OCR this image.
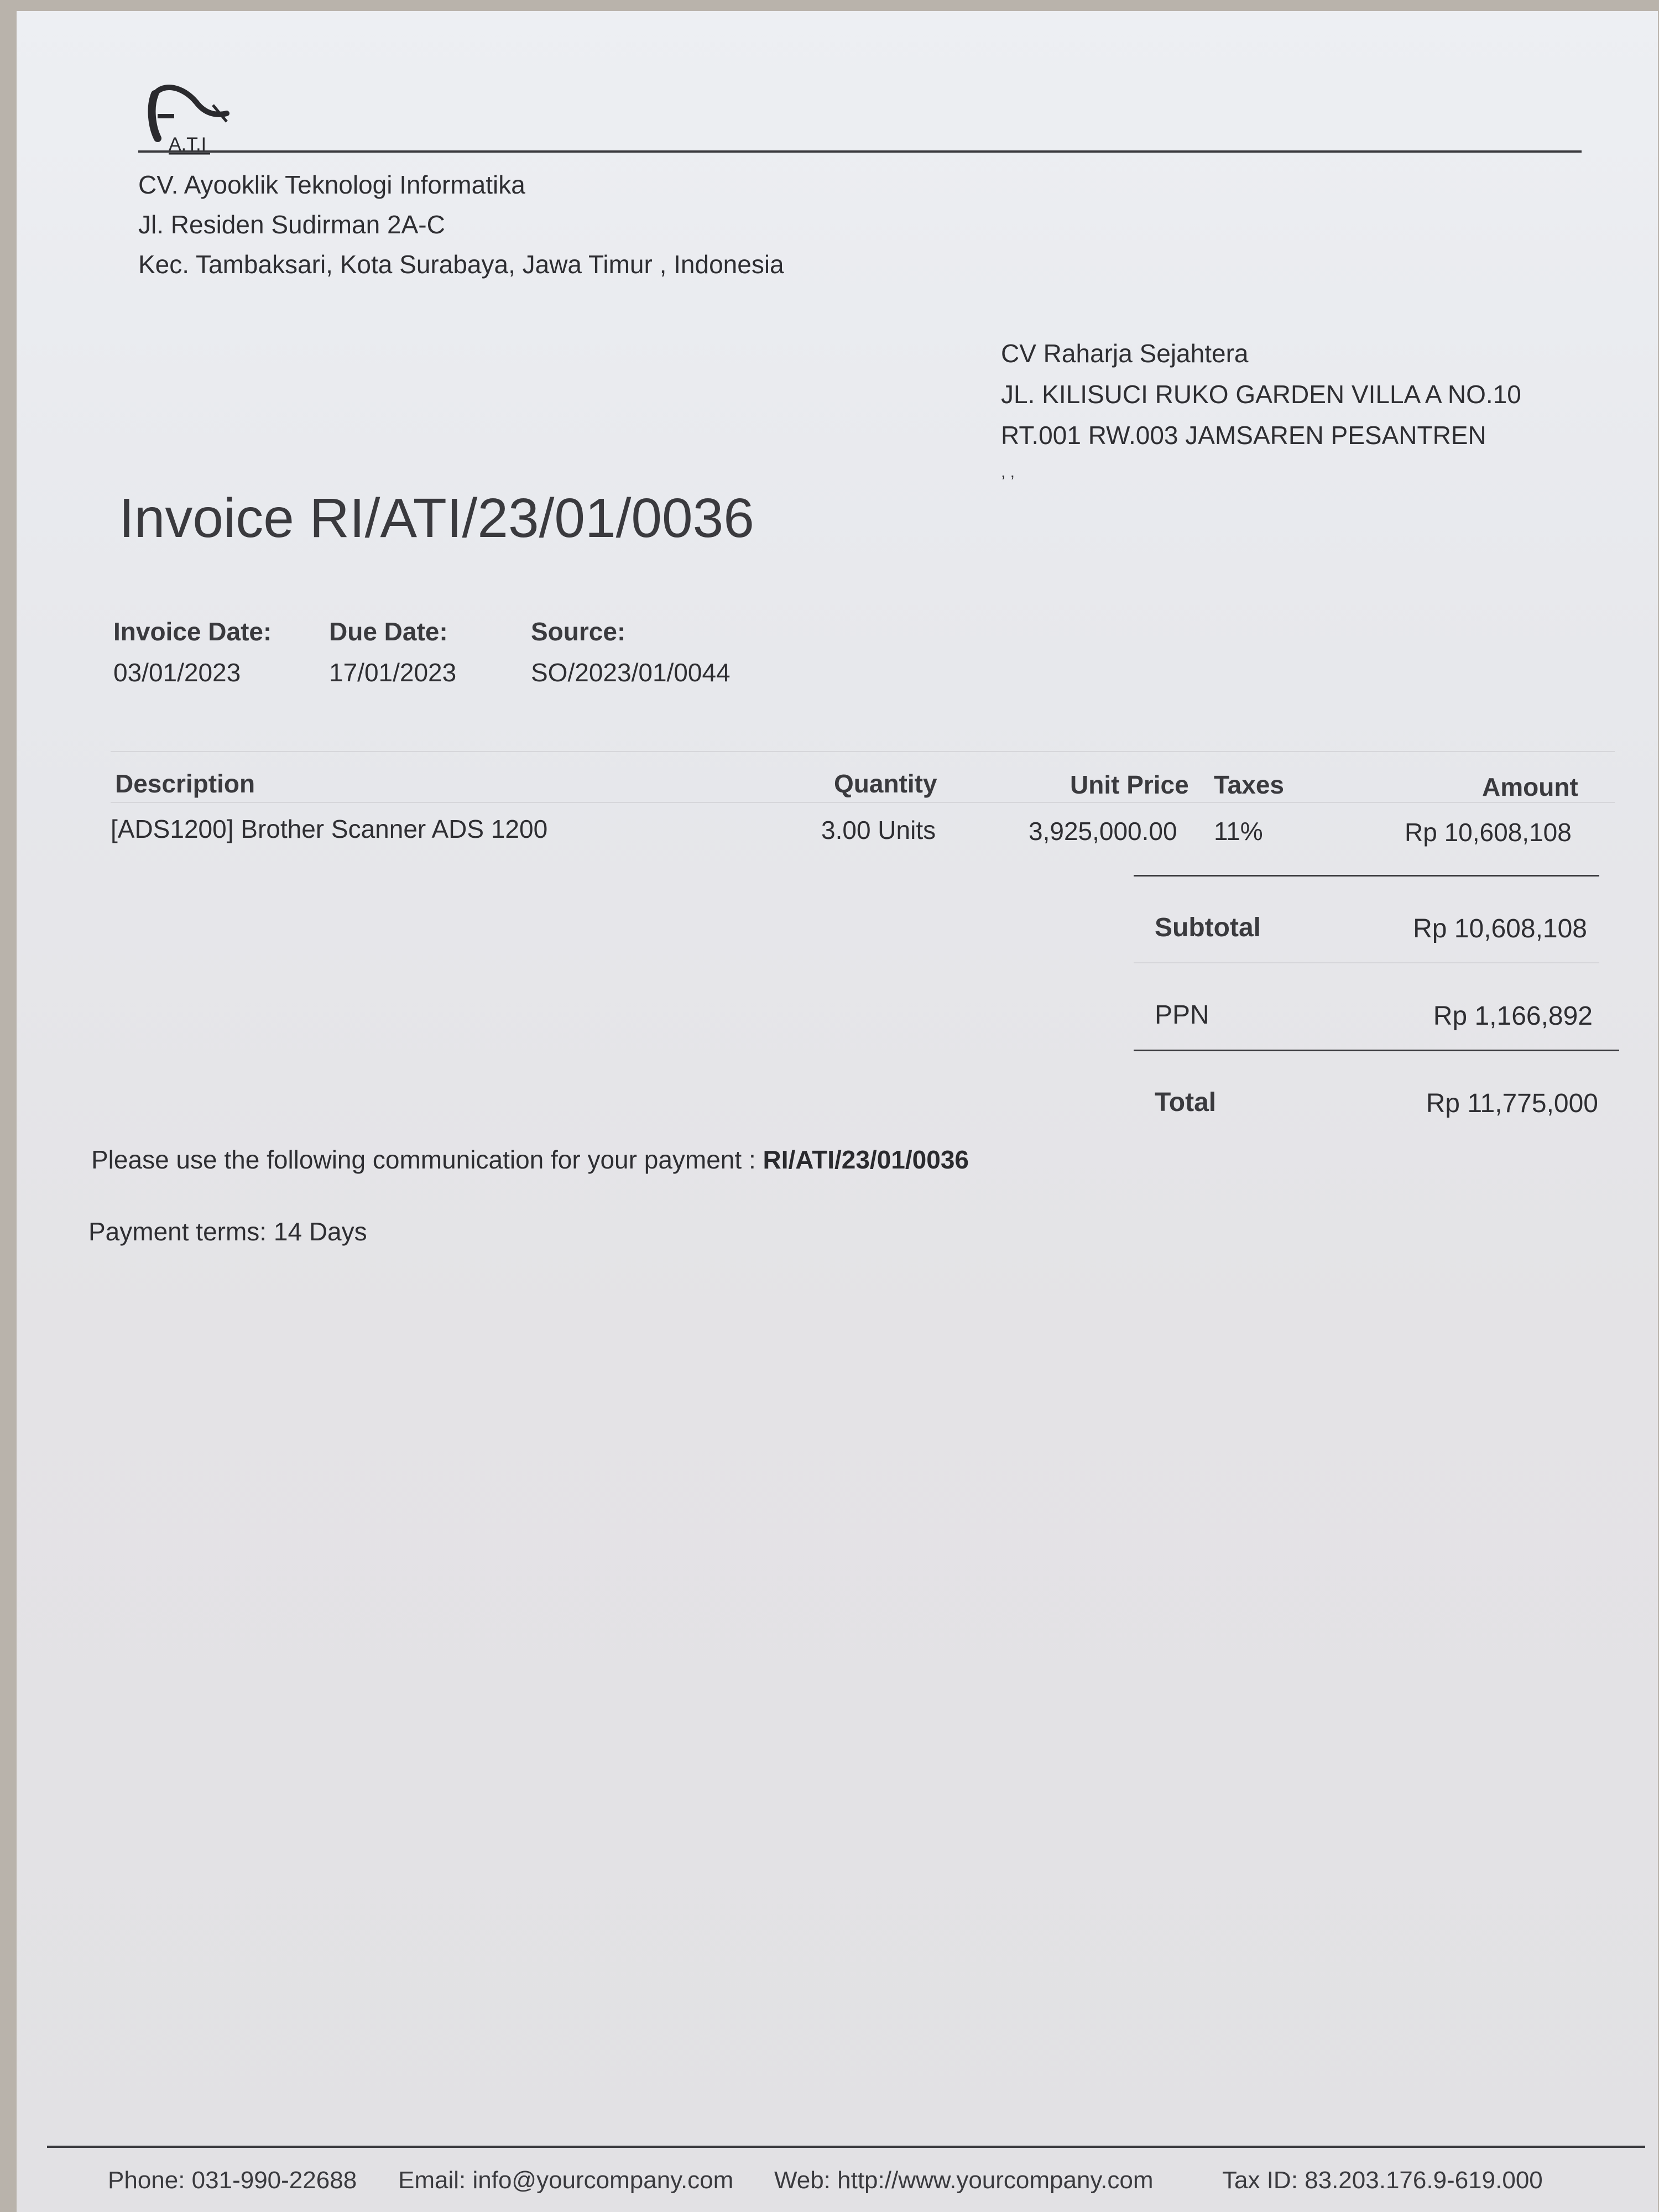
A.T.I
CV. Ayooklik Teknologi Informatika
Jl. Residen Sudirman 2A-C
Kec. Tambaksari, Kota Surabaya, Jawa Timur , Indonesia
CV Raharja Sejahtera
JL. KILISUCI RUKO GARDEN VILLA A NO.10
RT.001 RW.003 JAMSAREN PESANTREN
, ,
Invoice RI/ATI/23/01/0036
Invoice Date:
03/01/2023
Due Date:
17/01/2023
Source:
SO/2023/01/0044
Description	Quantity	Unit Price Taxes	Amount
[ADS1200] Brother Scanner ADS 1200	3.00 Units	3,925,000.00 11%	Rp 10,608,108
Subtotal	Rp 10,608,108
PPN	Rp 1,166,892
Total	Rp 11,775,000
Please use the following communication for your payment : RI/ATI/23/01/0036
Payment terms: 14 Days
Phone: 031-990-22688 Email: info@yourcompany.com Web: http://www.yourcompany.com	Tax ID: 83.203.176.9-619.000
